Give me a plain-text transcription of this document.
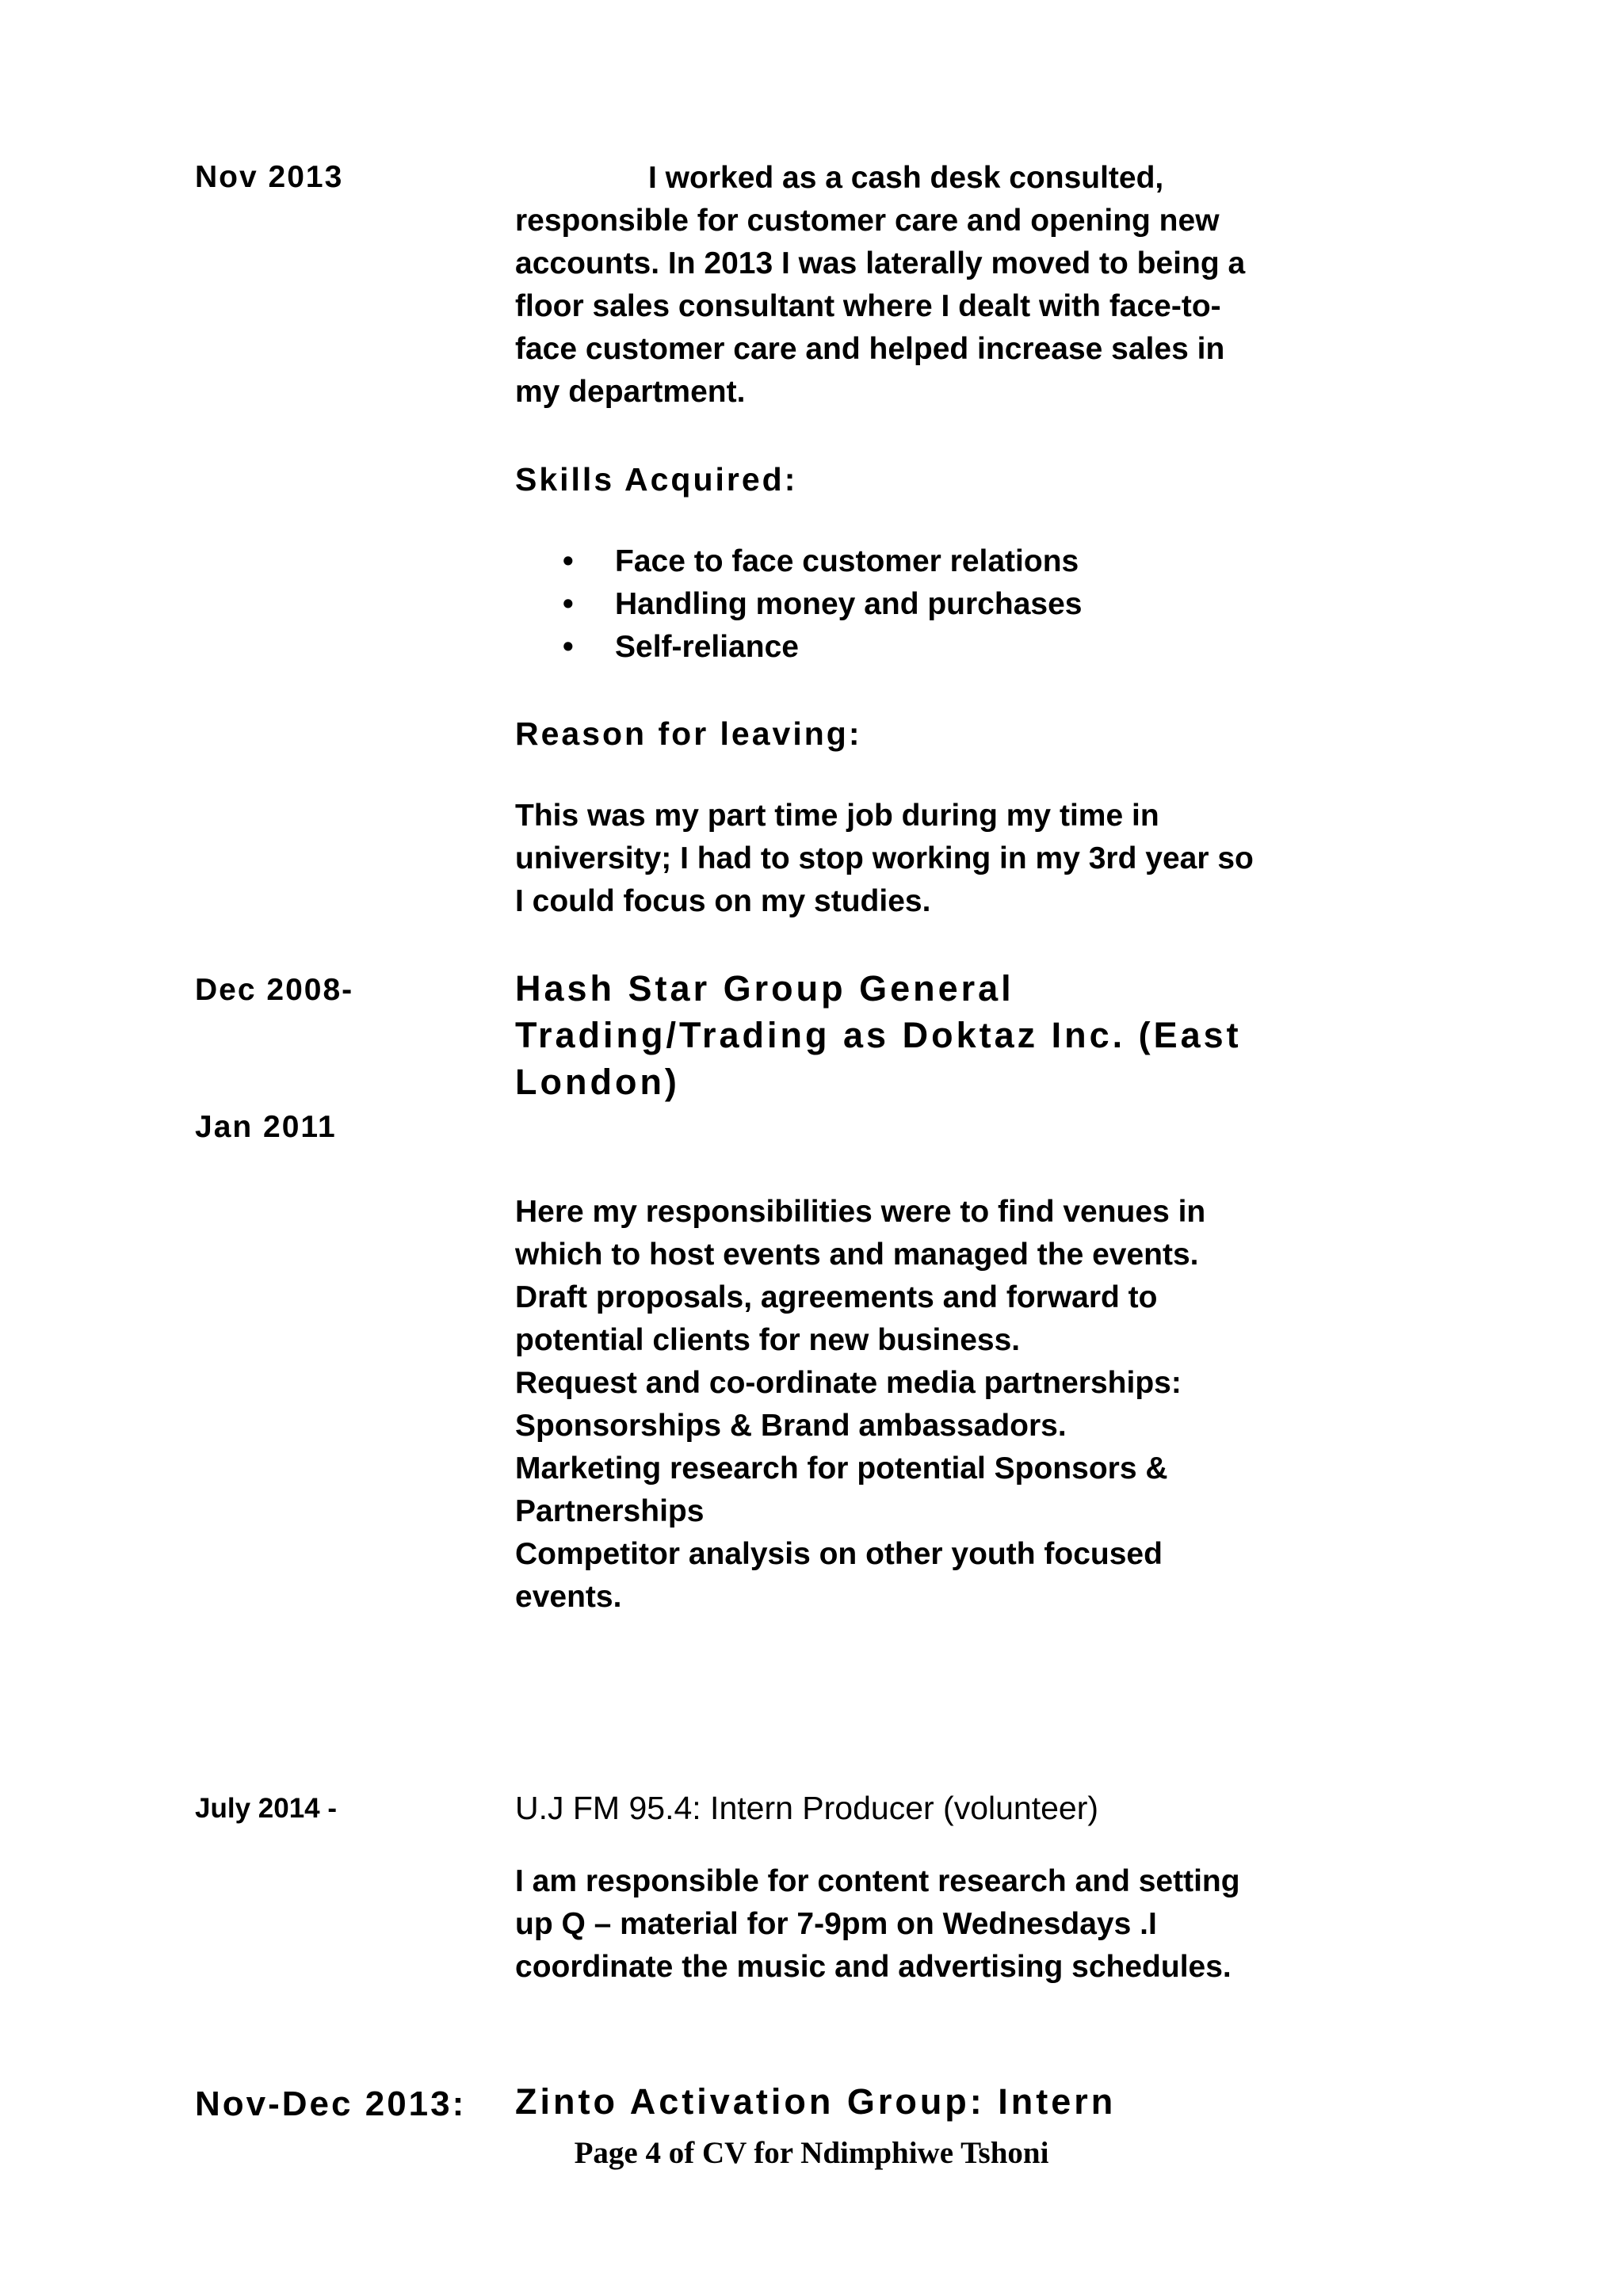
Nov 2013	I worked as a cash desk consulted,
responsible for customer care and opening new
accounts. In 2013 I was laterally moved to being a
floor sales consultant where I dealt with face-to-
face customer care and helped increase sales in
my department.
Skills Acquired:
• Face to face customer relations
• Handling money and purchases
• Self-reliance
Reason for leaving:
This was my part time job during my time in
university; I had to stop working in my 3rd year so
I could focus on my studies.
Dec 2008-
Jan 2011
Hash Star Group General
Trading/Trading as Doktaz Inc. (East
London)
Here my responsibilities were to find venues in
which to host events and managed the events.
Draft proposals, agreements and forward to
potential clients for new business.
Request and co-ordinate media partnerships:
Sponsorships & Brand ambassadors.
Marketing research for potential Sponsors &
Partnerships
Competitor analysis on other youth focused
events.
July 2014 -	U.J FM 95.4: Intern Producer (volunteer)
I am responsible for content research and setting
up Q – material for 7-9pm on Wednesdays .I
coordinate the music and advertising schedules.
Nov-Dec 2013: Zinto Activation Group: Intern
Page 4 of CV for Ndimphiwe Tshoni
